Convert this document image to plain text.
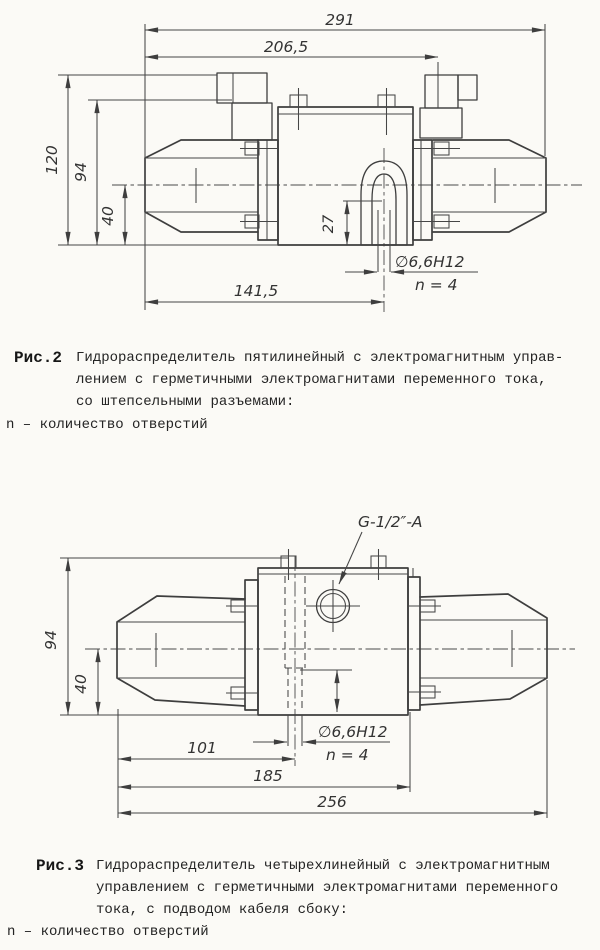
291
206,5
120 94
40	27
141,5
∅6,6H12
n = 4
G-1/2″-A
94
40
101
185
256
∅6,6H12
n = 4
Рис.2 Гидрораспределитель пятилинейный с электромагнитным управ-
лением с герметичными электромагнитами переменного тока,
со штепсельными разъемами:
n – количество отверстий
Рис.3 Гидрораспределитель четырехлинейный с электромагнитным
управлением с герметичными электромагнитами переменного
тока, с подводом кабеля сбоку:
n – количество отверстий
